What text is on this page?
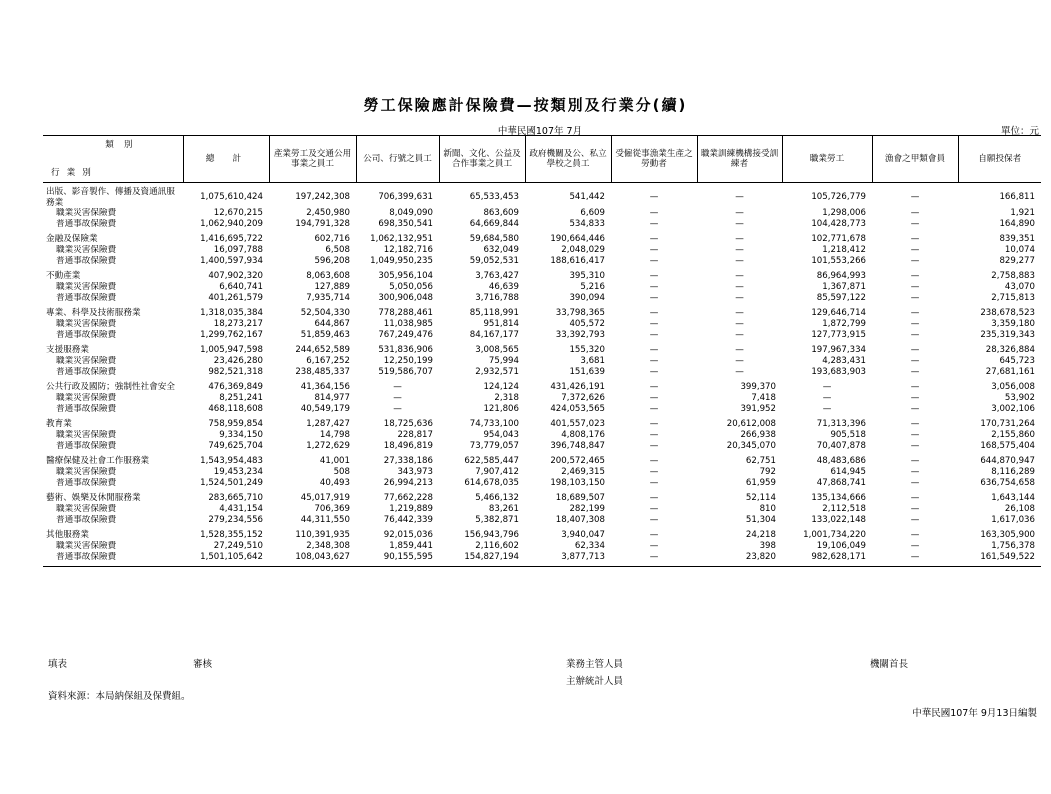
勞工保險應計保險費—按類別及行業分(續)
中華民國107年 7月	單位：元
類別
行業別	總計	產業勞工及交通公用事業之員工	公司、行號之員工	新聞、文化、公益及合作事業之員工	政府機關及公、私立學校之員工	受僱從事漁業生產之勞動者	職業訓練機構接受訓練者	職業勞工	漁會之甲類會員	自願投保者
出版、影音製作、傳播及資通訊服務業	1,075,610,424	197,242,308	706,399,631	65,533,453	541,442	—	—	105,726,779	—	166,811
職業災害保險費	12,670,215	2,450,980	8,049,090	863,609	6,609	—	—	1,298,006	—	1,921
普通事故保險費	1,062,940,209	194,791,328	698,350,541	64,669,844	534,833	—	—	104,428,773	—	164,890
金融及保險業	1,416,695,722	602,716	1,062,132,951	59,684,580	190,664,446	—	—	102,771,678	—	839,351
職業災害保險費	16,097,788	6,508	12,182,716	632,049	2,048,029	—	—	1,218,412	—	10,074
普通事故保險費	1,400,597,934	596,208	1,049,950,235	59,052,531	188,616,417	—	—	101,553,266	—	829,277
不動產業	407,902,320	8,063,608	305,956,104	3,763,427	395,310	—	—	86,964,993	—	2,758,883
職業災害保險費	6,640,741	127,889	5,050,056	46,639	5,216	—	—	1,367,871	—	43,070
普通事故保險費	401,261,579	7,935,714	300,906,048	3,716,788	390,094	—	—	85,597,122	—	2,715,813
專業、科學及技術服務業	1,318,035,384	52,504,330	778,288,461	85,118,991	33,798,365	—	—	129,646,714	—	238,678,523
職業災害保險費	18,273,217	644,867	11,038,985	951,814	405,572	—	—	1,872,799	—	3,359,180
普通事故保險費	1,299,762,167	51,859,463	767,249,476	84,167,177	33,392,793	—	—	127,773,915	—	235,319,343
支援服務業	1,005,947,598	244,652,589	531,836,906	3,008,565	155,320	—	—	197,967,334	—	28,326,884
職業災害保險費	23,426,280	6,167,252	12,250,199	75,994	3,681	—	—	4,283,431	—	645,723
普通事故保險費	982,521,318	238,485,337	519,586,707	2,932,571	151,639	—	—	193,683,903	—	27,681,161
公共行政及國防；強制性社會安全	476,369,849	41,364,156	—	124,124	431,426,191	—	399,370	—	—	3,056,008
職業災害保險費	8,251,241	814,977	—	2,318	7,372,626	—	7,418	—	—	53,902
普通事故保險費	468,118,608	40,549,179	—	121,806	424,053,565	—	391,952	—	—	3,002,106
教育業	758,959,854	1,287,427	18,725,636	74,733,100	401,557,023	—	20,612,008	71,313,396	—	170,731,264
職業災害保險費	9,334,150	14,798	228,817	954,043	4,808,176	—	266,938	905,518	—	2,155,860
普通事故保險費	749,625,704	1,272,629	18,496,819	73,779,057	396,748,847	—	20,345,070	70,407,878	—	168,575,404
醫療保健及社會工作服務業	1,543,954,483	41,001	27,338,186	622,585,447	200,572,465	—	62,751	48,483,686	—	644,870,947
職業災害保險費	19,453,234	508	343,973	7,907,412	2,469,315	—	792	614,945	—	8,116,289
普通事故保險費	1,524,501,249	40,493	26,994,213	614,678,035	198,103,150	—	61,959	47,868,741	—	636,754,658
藝術、娛樂及休閒服務業	283,665,710	45,017,919	77,662,228	5,466,132	18,689,507	—	52,114	135,134,666	—	1,643,144
職業災害保險費	4,431,154	706,369	1,219,889	83,261	282,199	—	810	2,112,518	—	26,108
普通事故保險費	279,234,556	44,311,550	76,442,339	5,382,871	18,407,308	—	51,304	133,022,148	—	1,617,036
其他服務業	1,528,355,152	110,391,935	92,015,036	156,943,796	3,940,047	—	24,218	1,001,734,220	—	163,305,900
職業災害保險費	27,249,510	2,348,308	1,859,441	2,116,602	62,334	—	398	19,106,049	—	1,756,378
普通事故保險費	1,501,105,642	108,043,627	90,155,595	154,827,194	3,877,713	—	23,820	982,628,171	—	161,549,522
填表	審核	業務主管人員	機關首長
主辦統計人員
資料來源：本局納保組及保費組。
中華民國107年 9月13日編製
